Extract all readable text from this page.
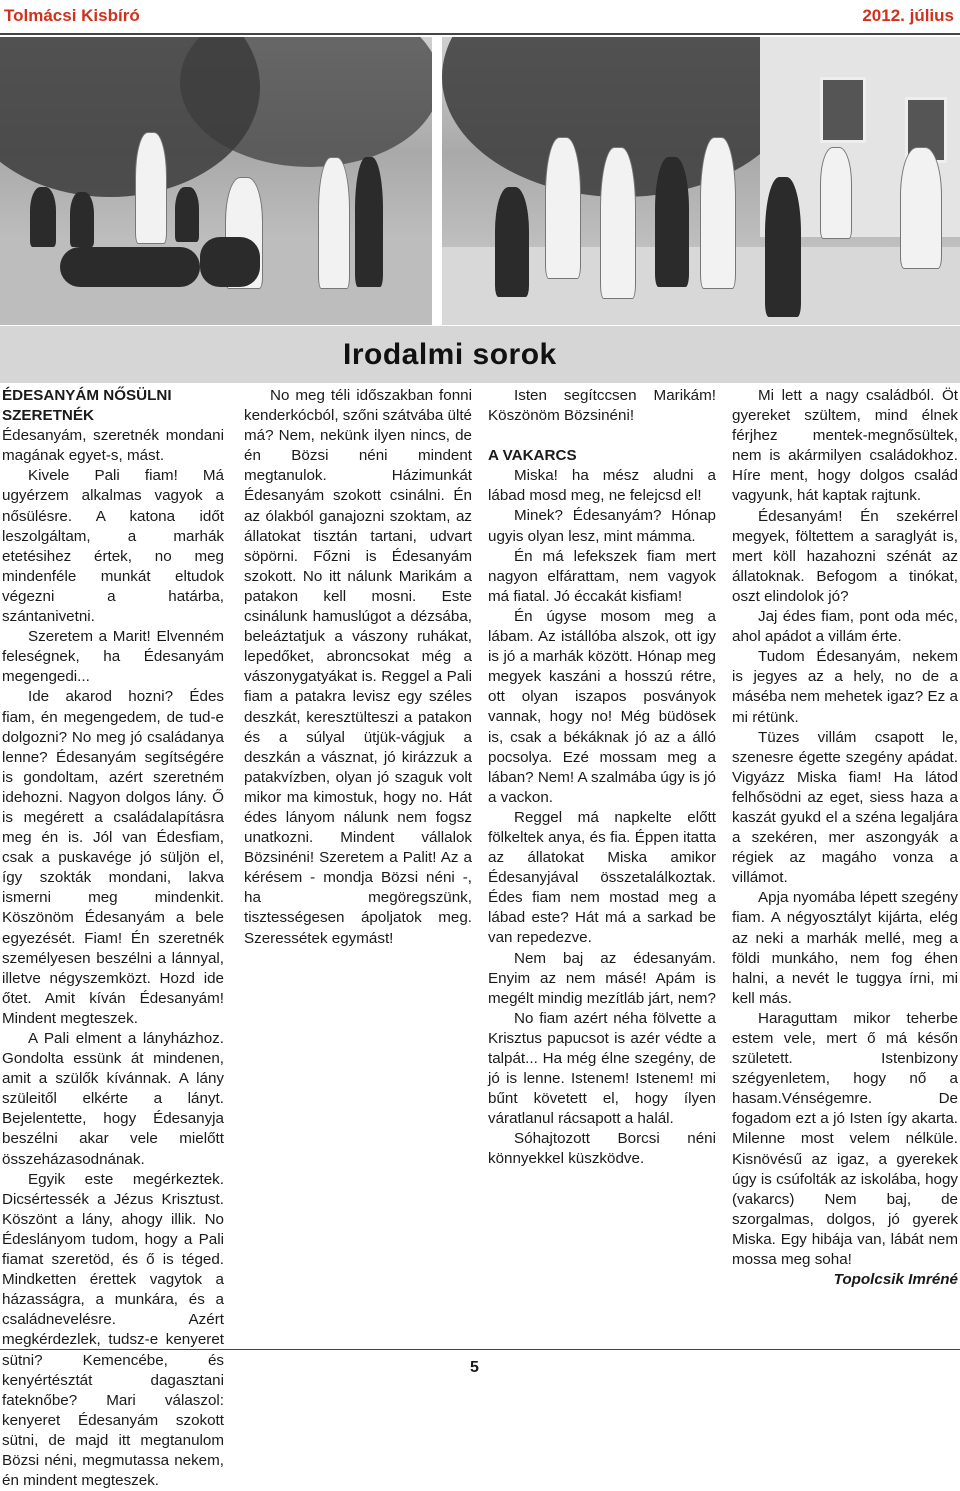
Tolmácsi Kisbíró	2012. július
Irodalmi sorok

ÉDESANYÁM NŐSÜLNI SZERETNÉK

Édesanyám, szeretnék mondani magának egyet-s, mást.

Kivele Pali fiam! Má ugyérzem alkalmas vagyok a nősülésre. A katona időt leszolgáltam, a marhák etetésihez értek, no meg mindenféle munkát eltudok végezni a határba, szántanivetni.

Szeretem a Marit! Elvenném feleségnek, ha Édesanyám megengedi...

Ide akarod hozni? Édes fiam, én megengedem, de tud-e dolgozni? No meg jó családanya lenne? Édesanyám segítségére is gondoltam, azért szeretném idehozni. Nagyon dolgos lány. Ő is megérett a családalapításra meg én is. Jól van Édesfiam, csak a puskavége jó süljön el, így szokták mondani, lakva ismerni meg mindenkit. Köszönöm Édesanyám a bele egyezését. Fiam! Én szeretnék személyesen beszélni a lánnyal, illetve négyszemközt. Hozd ide őtet. Amit kíván Édesanyám! Mindent megteszek.

A Pali elment a lányházhoz. Gondolta essünk át mindenen, amit a szülők kívánnak. A lány szüleitől elkérte a lányt. Bejelentette, hogy Édesanyja beszélni akar vele mielőtt összeházasodnának.

Egyik este megérkeztek. Dicsértessék a Jézus Krisztust. Köszönt a lány, ahogy illik. No Édeslányom tudom, hogy a Pali fiamat szeretöd, és ő is téged. Mindketten érettek vagytok a házasságra, a munkára, és a családnevelésre. Azért megkérdezlek, tudsz-e kenyeret sütni? Kemencébe, és kenyértésztát dagasztani fateknőbe? Mari válaszol: kenyeret Édesanyám szokott sütni, de majd itt megtanulom Bözsi néni, megmutassa nekem, én mindent megteszek.

No meg téli időszakban fonni kenderkócból, szőni szátvába ülté má? Nem, nekünk ilyen nincs, de én Bözsi néni mindent megtanulok. Házimunkát Édesanyám szokott csinálni. Én az ólakból ganajozni szoktam, az állatokat tisztán tartani, udvart söpörni. Főzni is Édesanyám szokott. No itt nálunk Marikám a patakon kell mosni. Este csinálunk hamuslúgot a dézsába, beleáztatjuk a vászony ruhákat, lepedőket, abroncsokat még a vászonygatyákat is. Reggel a Pali fiam a patakra levisz egy széles deszkát, keresztülteszi a patakon és a súlyal ütjük-vágjuk a deszkán a vásznat, jó kirázzuk a patakvízben, olyan jó szaguk volt mikor ma kimostuk, hogy no. Hát édes lányom nálunk nem fogsz unatkozni. Mindent vállalok Bözsinéni! Szeretem a Palit! Az a kérésem - mondja Bözsi néni -, ha megöregszünk, tisztességesen ápoljatok meg. Szeressétek egymást!

Isten segítccsen Marikám! Köszönöm Bözsinéni!

A VAKARCS

Miska! ha mész aludni a lábad mosd meg, ne felejcsd el!

Minek? Édesanyám? Hónap ugyis olyan lesz, mint mámma.

Én má lefekszek fiam mert nagyon elfárattam, nem vagyok má fiatal. Jó éccakát kisfiam!

Én úgyse mosom meg a lábam. Az istállóba alszok, ott igy is jó a marhák között. Hónap meg megyek kaszáni a hosszú rétre, ott olyan iszapos posványok vannak, hogy no! Még büdösek is, csak a békáknak jó az a álló pocsolya. Ezé mossam meg a lában? Nem! A szalmába úgy is jó a vackon.

Reggel má napkelte előtt fölkeltek anya, és fia. Éppen itatta az állatokat Miska amikor Édesanyjával összetalálkoztak. Édes fiam nem mostad meg a lábad este? Hát má a sarkad be van repedezve.

Nem baj az édesanyám. Enyim az nem másé! Apám is megélt mindig mezítláb járt, nem?

No fiam azért néha fölvette a Krisztus papucsot is azér védte a talpát... Ha még élne szegény, de jó is lenne. Istenem! Istenem! mi bűnt követett el, hogy ílyen váratlanul rácsapott a halál.

Sóhajtozott Borcsi néni könnyekkel küszködve.

Mi lett a nagy családból. Öt gyereket szültem, mind élnek férjhez mentek-megnősültek, nem is akármilyen családokhoz. Híre ment, hogy dolgos család vagyunk, hát kaptak rajtunk.

Édesanyám! Én szekérrel megyek, föltettem a saraglyát is, mert köll hazahozni szénát az állatoknak. Befogom a tinókat, oszt elindolok jó?

Jaj édes fiam, pont oda méc, ahol apádot a villám érte.

Tudom Édesanyám, nekem is jegyes az a hely, no de a máséba nem mehetek igaz? Ez a mi rétünk.

Tüzes villám csapott le, szenesre égette szegény apádat. Vigyázz Miska fiam! Ha látod felhősödni az eget, siess haza a kaszát gyukd el a széna legaljára a szekéren, mer aszongyák a régiek az magáho vonza a villámot.

Apja nyomába lépett szegény fiam. A négyosztályt kijárta, elég az neki a marhák mellé, meg a földi munkáho, nem fog éhen halni, a nevét le tuggya írni, mi kell más.

Haraguttam mikor teherbe estem vele, mert ő má későn született. Istenbizony szégyenletem, hogy nő a hasam.Vénségemre. De fogadom ezt a jó Isten így akarta. Milenne most velem nélküle. Kisnövésű az igaz, a gyerekek úgy is csúfolták az iskolába, hogy (vakarcs) Nem baj, de szorgalmas, dolgos, jó gyerek Miska. Egy hibája van, lábát nem mossa meg soha!

Topolcsik Imréné

5
